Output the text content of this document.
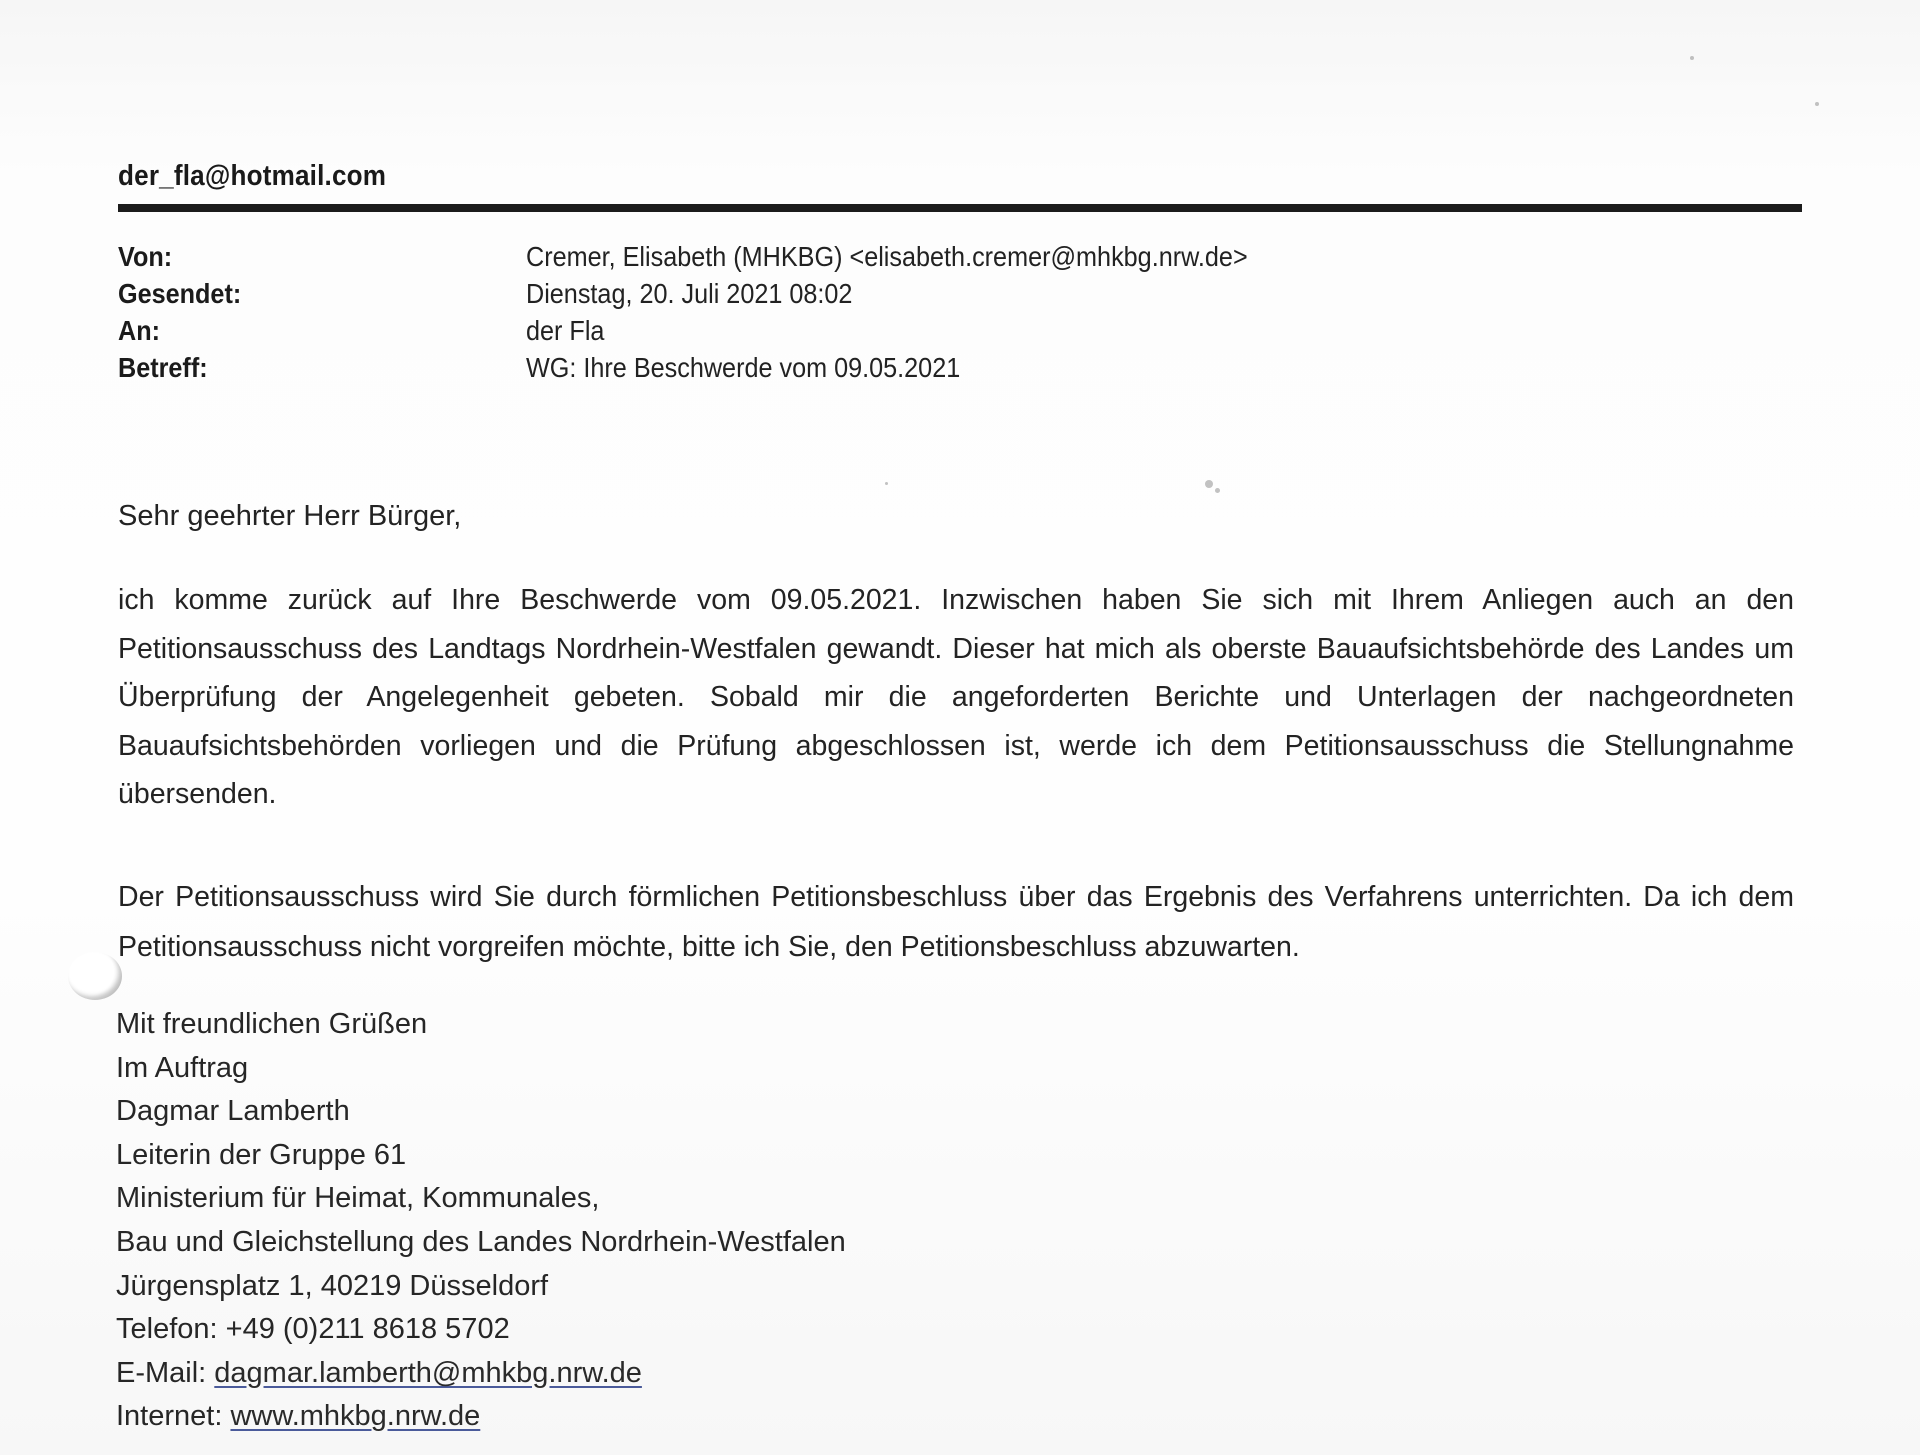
der_fla@hotmail.com
Von:	Cremer, Elisabeth (MHKBG) <elisabeth.cremer@mhkbg.nrw.de>
Gesendet:	Dienstag, 20. Juli 2021 08:02
An:	der Fla
Betreff:	WG: Ihre Beschwerde vom 09.05.2021
Sehr geehrter Herr Bürger,
ich komme zurück auf Ihre Beschwerde vom 09.05.2021. Inzwischen haben Sie sich mit Ihrem Anliegen auch an den Petitionsausschuss des Landtags Nordrhein-Westfalen gewandt. Dieser hat mich als oberste Bauaufsichtsbehörde des Landes um Überprüfung der Angelegenheit gebeten. Sobald mir die angeforderten Berichte und Unterlagen der nachgeordneten Bauaufsichtsbehörden vorliegen und die Prüfung abgeschlossen ist, werde ich dem Petitionsausschuss die Stellungnahme übersenden.
Der Petitionsausschuss wird Sie durch förmlichen Petitionsbeschluss über das Ergebnis des Verfahrens unterrichten. Da ich dem Petitionsausschuss nicht vorgreifen möchte, bitte ich Sie, den Petitionsbeschluss abzuwarten.
Mit freundlichen Grüßen
Im Auftrag
Dagmar Lamberth
Leiterin der Gruppe 61
Ministerium für Heimat, Kommunales,
Bau und Gleichstellung des Landes Nordrhein-Westfalen
Jürgensplatz 1, 40219 Düsseldorf
Telefon: +49 (0)211 8618 5702
E-Mail: dagmar.lamberth@mhkbg.nrw.de
Internet: www.mhkbg.nrw.de
